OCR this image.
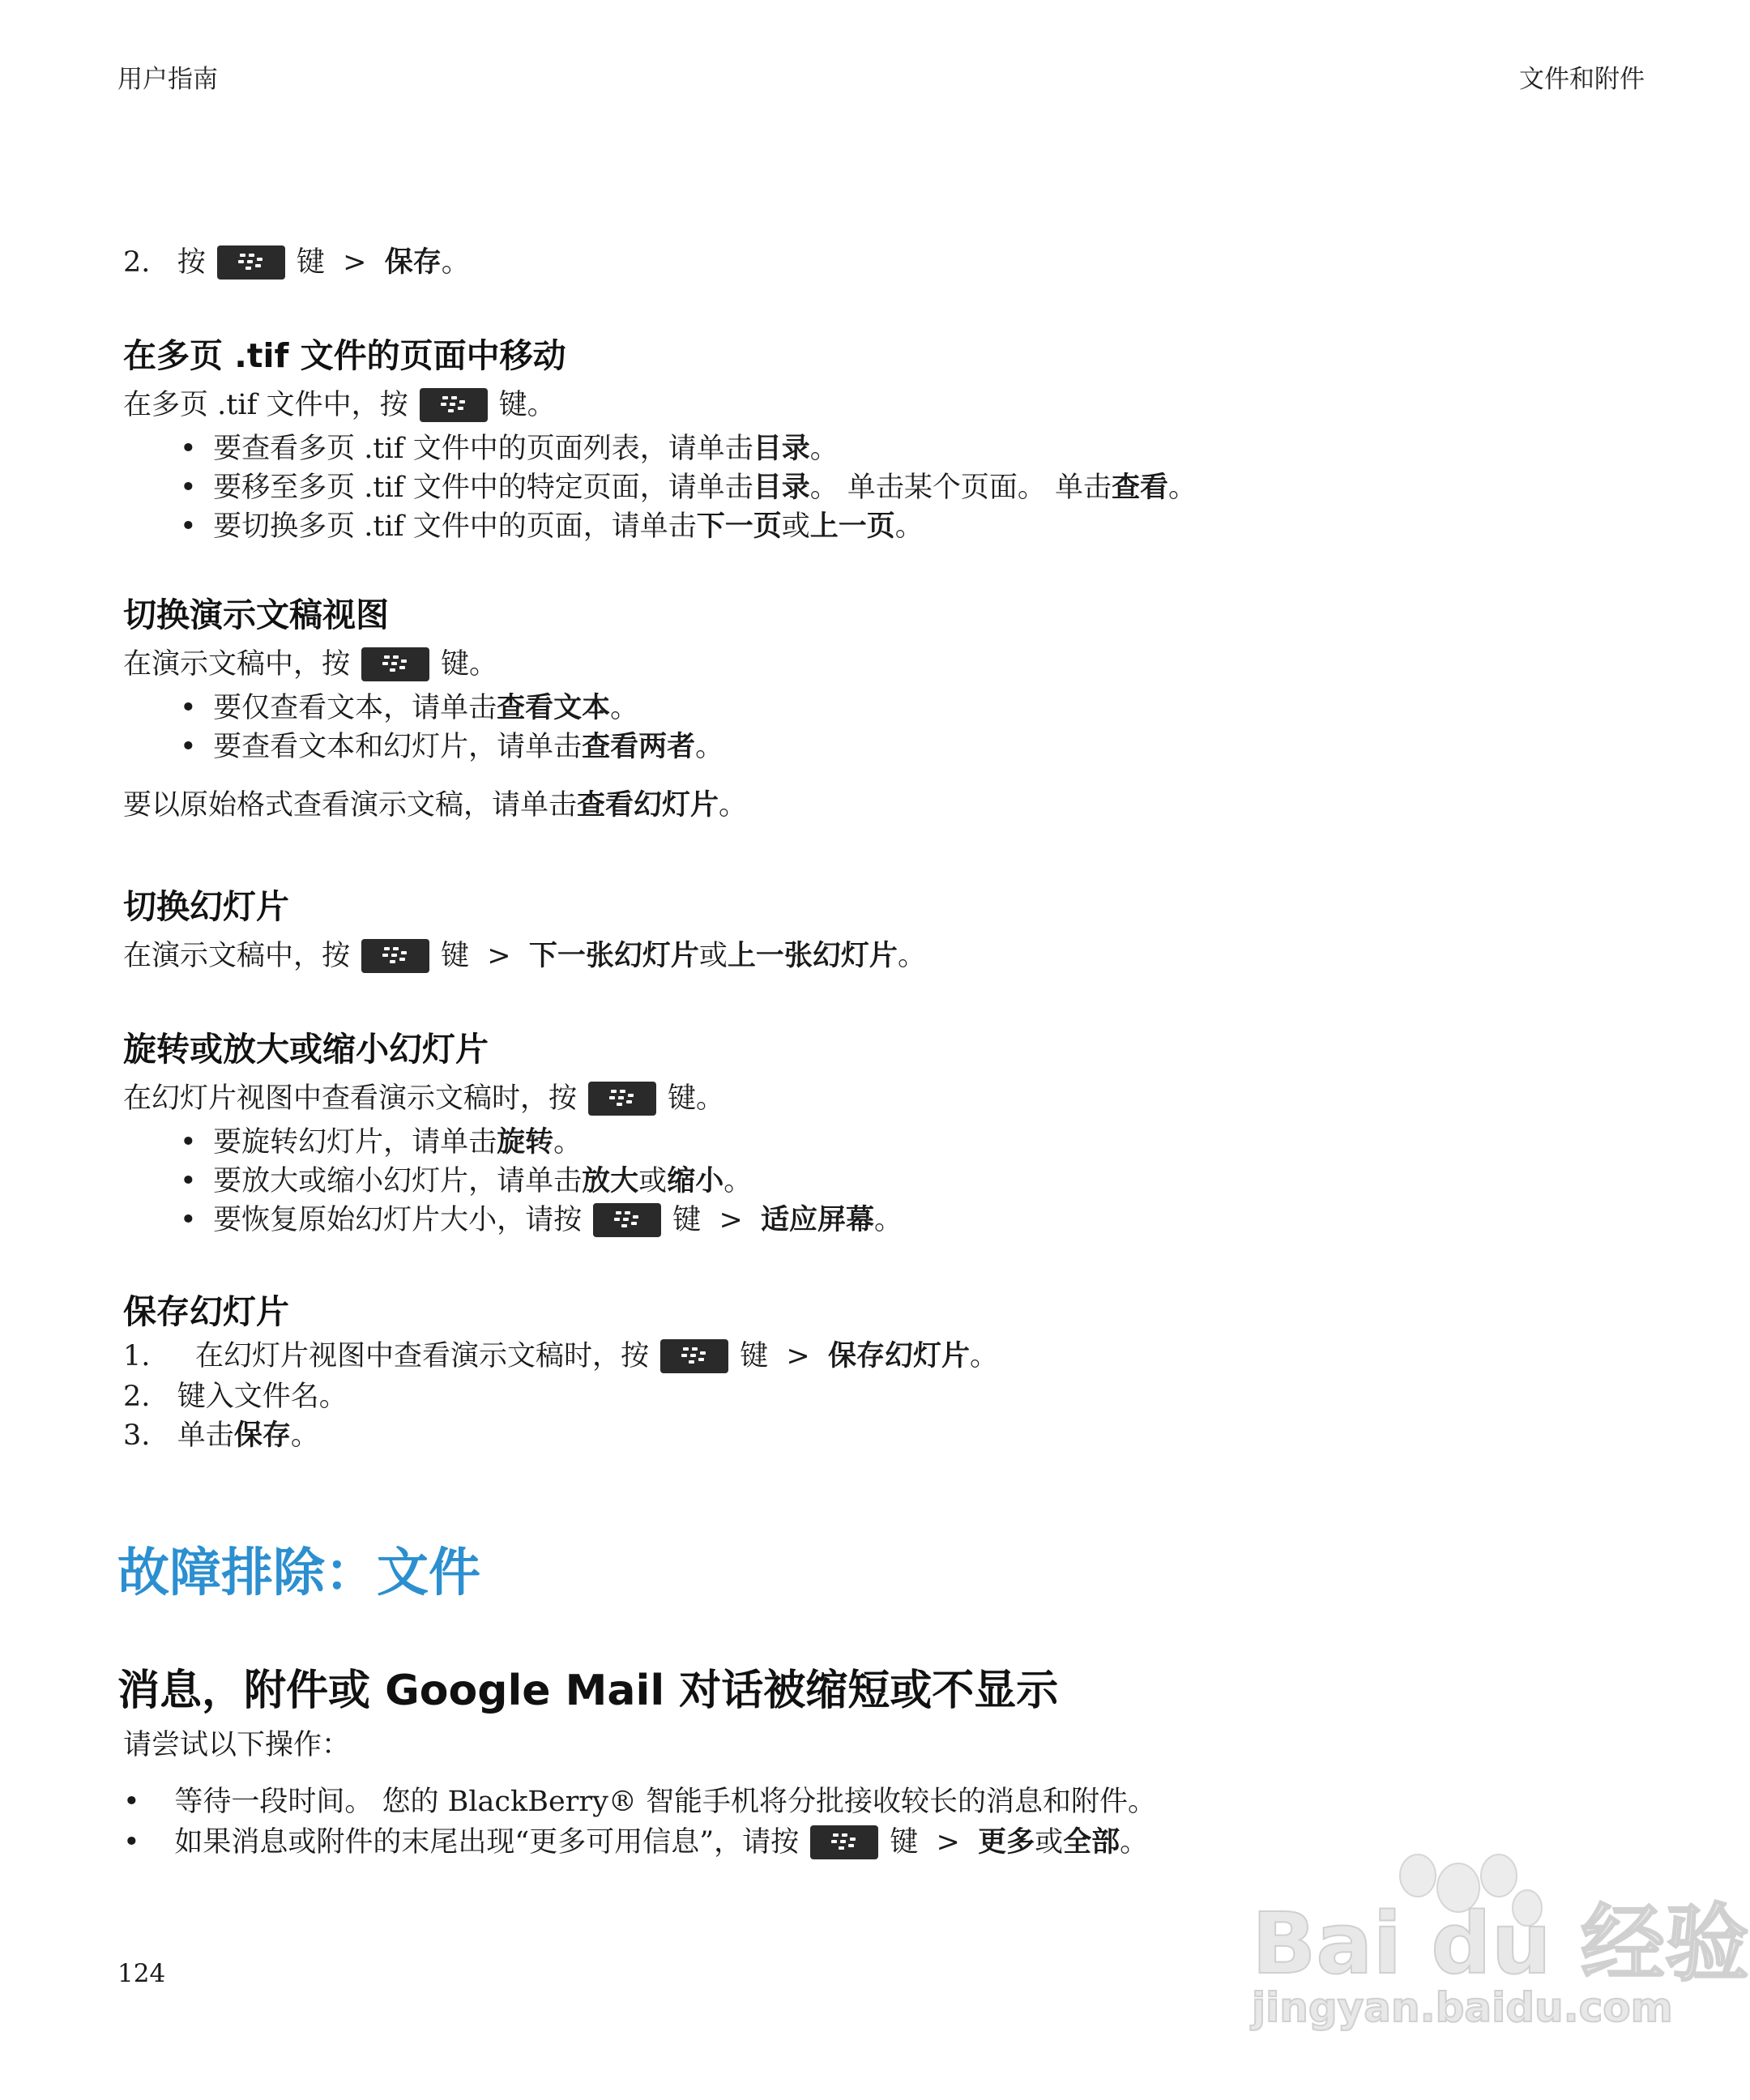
用户指南	文件和附件
2. 按	键 > 保存。
在多页 .tif 文件的页面中移动
在多页 .tif 文件中，按	键。
• 要查看多页 .tif 文件中的页面列表，请单击目录。
• 要移至多页 .tif 文件中的特定页面，请单击目录。 单击某个页面。 单击查看。
• 要切换多页 .tif 文件中的页面，请单击下一页或上一页。
切换演示文稿视图
在演示文稿中，按	键。
• 要仅查看文本，请单击查看文本。
• 要查看文本和幻灯片，请单击查看两者。
要以原始格式查看演示文稿，请单击查看幻灯片。
切换幻灯片
在演示文稿中，按	键 > 下一张幻灯片或上一张幻灯片。
旋转或放大或缩小幻灯片
在幻灯片视图中查看演示文稿时，按	键。
• 要旋转幻灯片，请单击旋转。
• 要放大或缩小幻灯片，请单击放大或缩小。
• 要恢复原始幻灯片大小，请按	键 > 适应屏幕。
保存幻灯片
1. 在幻灯片视图中查看演示文稿时，按	键 > 保存幻灯片。
2. 键入文件名。
3. 单击保存。
故障排除：文件
消息，附件或 Google Mail 对话被缩短或不显示
请尝试以下操作：
• 等待一段时间。 您的 BlackBerry® 智能手机将分批接收较长的消息和附件。
• 如果消息或附件的末尾出现“更多可用信息”，请按	键 > 更多或全部。
124	Bai du 经验
jingyan.baidu.com
